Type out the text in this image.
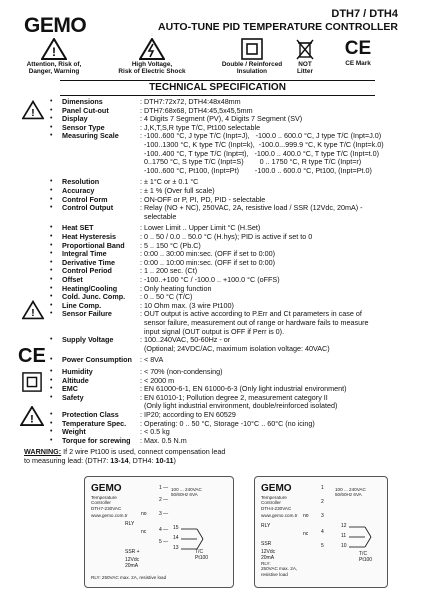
GEMO	DTH7 / DTH4
AUTO-TUNE PID TEMPERATURE CONTROLLER
!
Attention, Risk of,
Danger, Warning
High Voltage,
Risk of Electric Shock
Double / Reinforced
Insulation
NOT
Litter
CE
CE Mark
TECHNICAL SPECIFICATION
• Dimensions	: DTH7:72x72, DTH4:48x48mm
• Panel Cut-out	: DTH7:68x68, DTH4:45,5x45,5mm
• Display	: 4 Digits 7 Segment (PV), 4 Digits 7 Segment (SV)
• Sensor Type	: J,K,T,S,R type T/C, Pt100 selectable
• Measuring Scale	: -100..600 °C, J type T/C (Inpt=J),   -100.0 .. 600.0 °C, J type T/C (Inpt=J.0)
-100..1300 °C, K type T/C (Inpt=k),  -100.0...999.9 °C, K type T/C (Inpt=k.0)
-100..400 °C, T type T/C (Inpt=t),   -100.0 .. 400.0 °C, T type T/C (Inpt=t.0)
0..1750 °C, S type T/C (Inpt=S)        0 .. 1750 °C, R type T/C (Inpt=r)
-100..600 °C, Pt100, (Inpt=Pt)        -100.0 .. 600.0 °C, Pt100, (Inpt=Pt.0)
• Resolution	: ± 1°C or ± 0.1 °C
• Accuracy	: ± 1 % (Over full scale)
• Control Form	: ON-OFF or P, PI, PD, PID - selectable
• Control Output	: Relay (NO + NC), 250VAC, 2A, resistive load / SSR (12Vdc, 20mA) -
selectable
• Heat SET	: Lower Limit .. Upper Limit °C (H.Set)
• Heat Hysteresis	: 0 .. 50 / 0.0 .. 50.0 °C (H.hys); PID is active if set to 0
• Proportional Band : 5 .. 150 °C (Pb.C)
• Integral Time	: 0:00 .. 30:00 min:sec. (OFF if set to 0:00)
• Derivative Time	: 0:00 .. 10:00 min:sec. (OFF if set to 0:00)
• Control Period	: 1 .. 200 sec. (Ct)
• Offset	: -100..+100 °C / -100.0 .. +100.0 °C (oFFS)
• Heating/Cooling	: Only heating function
• Cold. Junc. Comp. : 0 .. 50 °C (T/C)
• Line Comp.	: 10 Ohm max. (3 wire Pt100)
• Sensor Failure	: OUT output is active according to P.Err and Ct parameters in case of
sensor failure, measurement out of range or hardware fails to measure
input signal (OUT output is OFF if Perr is 0).
• Supply Voltage	: 100..240VAC, 50-60Hz - or
(Optional; 24VDC/AC, maximum isolation voltage: 40VAC)
• Power Consumption : < 8VA
• Humidity	: < 70% (non-condensing)
• Altitude	: < 2000 m
• EMC	: EN 61000-6-1, EN 61000-6-3 (Only light industrial environment)
• Safety	: EN 61010-1; Pollution degree 2, measurement category II
(Only light industrial environment, double/reinforced isolated)
• Protection Class	: IP20; according to EN 60529
• Temperature Spec. : Operating: 0 .. 50 °C, Storage -10°C .. 60°C (no icing)
• Weight	: < 0.5 kg
• Torque for screwing : Max. 0.5 N.m
!
!
CE
!
WARNING: If 2 wire Pt100 is used, connect compensation lead
to measuring lead: (DTH7: 13-14, DTH4: 10-11)
GEMO
Temperature
Controller
DTH7-230VAC
www.gemo.com.tr
100 ... 240VAC
50/60Hz 6VA
1 —
2 —
3 —
4 —
5 —
15
14
13
no
RLY
nc
SSR +
12Vdc
20mA
T/C
Pt100
RLY: 250VAC max. 2A, resistive load
GEMO
Temperature
Controller
DTH4-230VAC
www.gemo.com.tr
100 ... 240VAC
50/60Hz 6VA
1
2
3
4
5
12
11
10
no
RLY
nc
SSR
12Vdc
20mA
T/C
Pt100
RLY:
250VAC max. 2A,
resistive load
